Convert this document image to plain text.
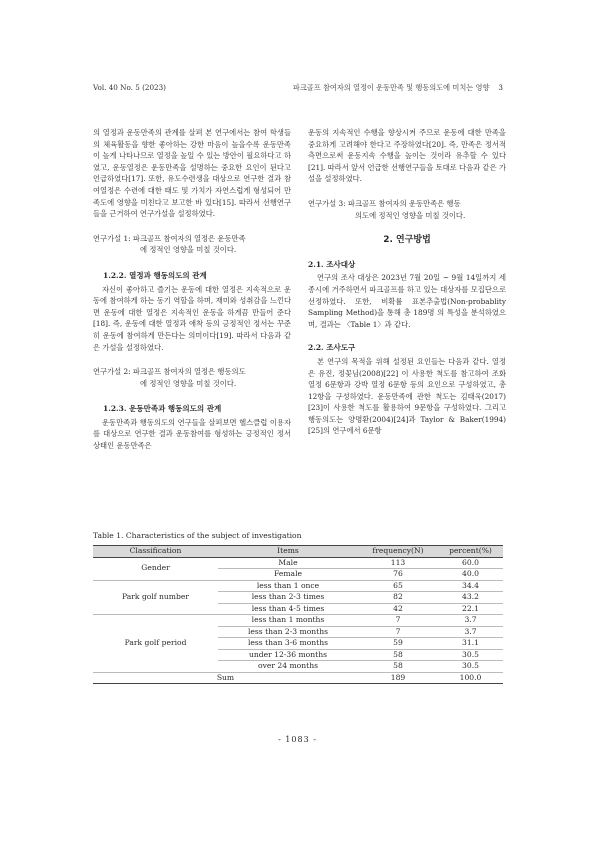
Vol. 40 No. 5 (2023)	파크골프 참여자의 열정이 운동만족 및 행동의도에 미치는 영향 3

의 열정과 운동만족의 관계를 살펴 본 연구에서는 참여 학생들의 체육활동을 향한 좋아하는 강한 마음이 높을수록 운동만족이 높게 나타나므로 열정을 높일 수 있는 방안이 필요하다고 하였고, 운동열정은 운동만족을 설명하는 중요한 요인이 된다고 언급하였다[17]. 또한, 유도수련생을 대상으로 연구한 결과 참여열정은 수련에 대한 태도 및 가치가 자연스럽게 형성되어 만족도에 영향을 미친다고 보고한 바 있다[15]. 따라서 선행연구들을 근거하여 연구가설을 설정하였다.

연구가설 1: 파크골프 참여자의 열정은 운동만족
에 정적인 영향을 미칠 것이다.
1.2.2. 열정과 행동의도의 관계

자신이 좋아하고 즐기는 운동에 대한 열정은 지속적으로 운동에 참여하게 하는 동기 역할을 하며, 재미와 성취감을 느낀다면 운동에 대한 열정은 지속적인 운동을 하게끔 만들어 준다[18]. 즉, 운동에 대한 열정과 애착 등의 긍정적인 정서는 꾸준히 운동에 참여하게 만든다는 의미이다[19]. 따라서 다음과 같은 가설을 설정하였다.

연구가설 2: 파크골프 참여자의 열정은 행동의도
에 정적인 영향을 미칠 것이다.
1.2.3. 운동만족과 행동의도의 관계

운동만족과 행동의도의 연구들을 살펴보면 헬스클럽 이용자를 대상으로 연구한 결과 운동참여를 형성하는 긍정적인 정서 상태인 운동만족은

운동의 지속적인 수행을 향상시켜 주므로 운동에 대한 만족을 중요하게 고려해야 한다고 주장하였다[20]. 즉, 만족은 정서적 측면으로써 운동지속 수행을 높이는 것이라 유추할 수 있다[21]. 따라서 앞서 언급한 선행연구들을 토대로 다음과 같은 가설을 설정하였다.

연구가설 3: 파크골프 참여자의 운동만족은 행동
의도에 정적인 영향을 미칠 것이다.
2. 연구방법
2.1. 조사대상

연구의 조사 대상은 2023년 7월 20일 ~ 9월 14일까지 세종시에 거주하면서 파크골프를 하고 있는 대상자를 모집단으로 선정하였다. 또한, 비확률 표본추출법(Non-probablity Sampling Method)을 통해 총 189명 의 특성을 분석하였으며, 결과는 〈Table 1〉과 같다.

2.2. 조사도구

본 연구의 목적을 위해 설정된 요인들는 다음과 같다. 열정은 유진, 정꽃님(2008)[22] 이 사용한 척도를 참고하여 조화 열정 6문항과 강박 열정 6문항 등의 요인으로 구성하였고, 총 12항을 구성하였다. 운동만족에 관한 척도는 김태욱(2017)[23]이 사용한 척도를 활용하여 9문항을 구성하였다. 그리고 행동의도는 양명환(2004)[24]과 Taylor & Baker(1994)[25]의 연구에서 6문항

Table 1. Characteristics of the subject of investigation
Classification	Items	frequency(N)	percent(%)
Gender	Male	113	60.0
	Female	76	40.0
Park golf number	less than 1 once	65	34.4
	less than 2-3 times	82	43.2
	less than 4-5 times	42	22.1
Park golf period	less than 1 months	7	3.7
	less than 2-3 months	7	3.7
	less than 3-6 months	59	31.1
	under 12-36 months	58	30.5
	over 24 months	58	30.5
Sum		189	100.0
- 1083 -
